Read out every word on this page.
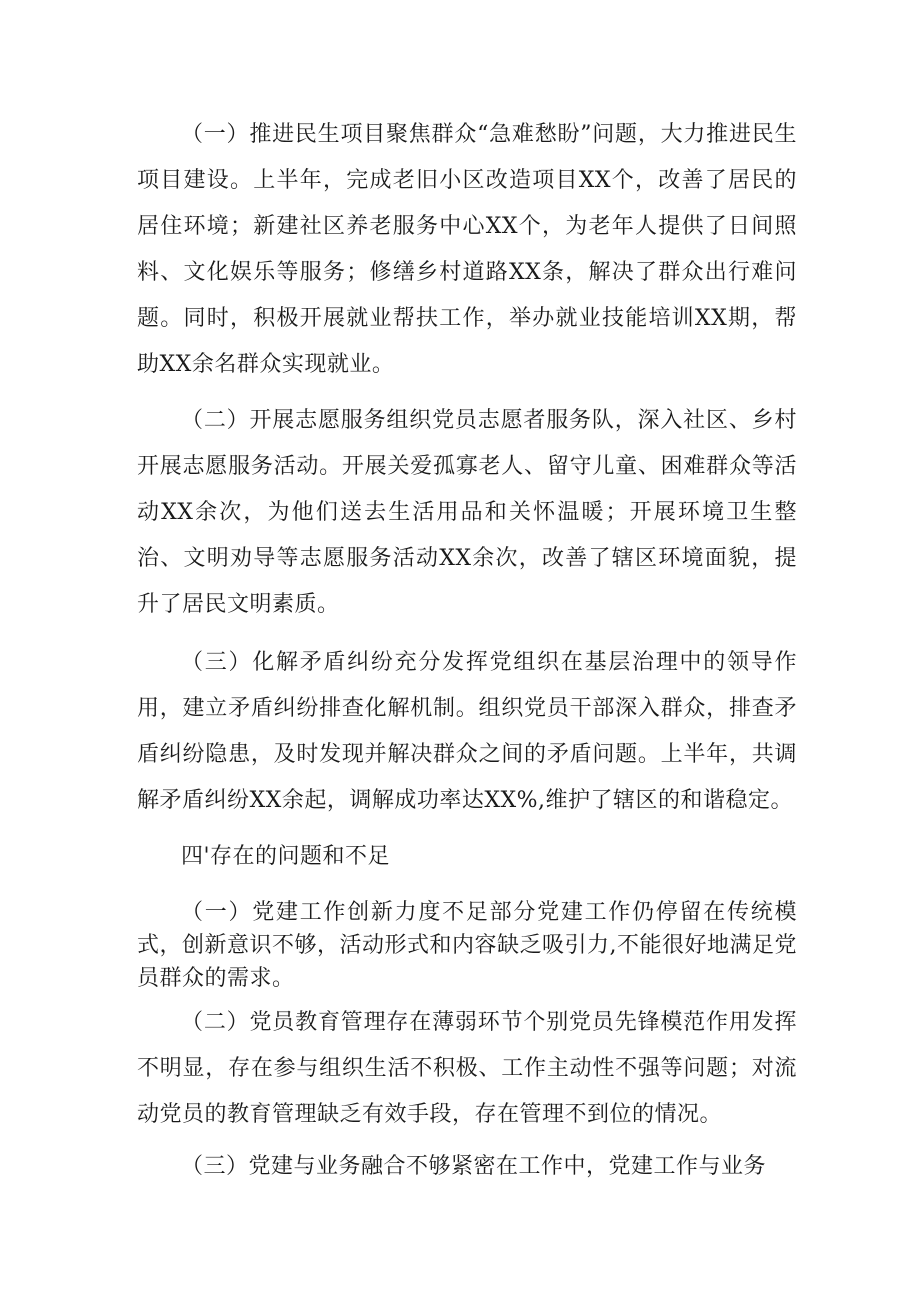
（一）推进民生项目聚焦群众“急难愁盼”问题，大力推进民生项目建设。上半年，完成老旧小区改造项目XX个，改善了居民的居住环境；新建社区养老服务中心XX个，为老年人提供了日间照料、文化娱乐等服务；修缮乡村道路XX条，解决了群众出行难问题。同时，积极开展就业帮扶工作，举办就业技能培训XX期，帮助XX余名群众实现就业。

（二）开展志愿服务组织党员志愿者服务队，深入社区、乡村开展志愿服务活动。开展关爱孤寡老人、留守儿童、困难群众等活动XX余次，为他们送去生活用品和关怀温暖；开展环境卫生整治、文明劝导等志愿服务活动XX余次，改善了辖区环境面貌，提升了居民文明素质。

（三）化解矛盾纠纷充分发挥党组织在基层治理中的领导作用，建立矛盾纠纷排查化解机制。组织党员干部深入群众，排查矛盾纠纷隐患，及时发现并解决群众之间的矛盾问题。上半年，共调解矛盾纠纷XX余起，调解成功率达XX%,维护了辖区的和谐稳定。

四'存在的问题和不足

（一）党建工作创新力度不足部分党建工作仍停留在传统模式，创新意识不够，活动形式和内容缺乏吸引力,不能很好地满足党员群众的需求。

（二）党员教育管理存在薄弱环节个别党员先锋模范作用发挥不明显，存在参与组织生活不积极、工作主动性不强等问题；对流动党员的教育管理缺乏有效手段，存在管理不到位的情况。

（三）党建与业务融合不够紧密在工作中，党建工作与业务
